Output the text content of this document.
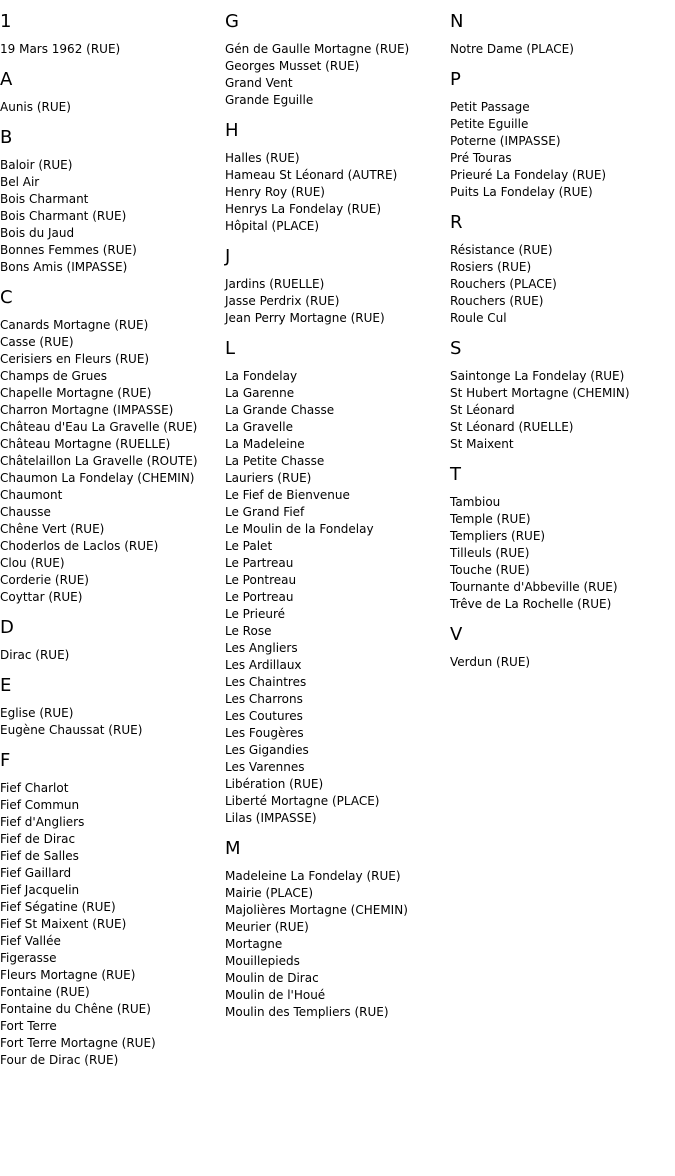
1
19 Mars 1962 (RUE)
A
Aunis (RUE)
B
Baloir (RUE)
Bel Air
Bois Charmant
Bois Charmant (RUE)
Bois du Jaud
Bonnes Femmes (RUE)
Bons Amis (IMPASSE)
C
Canards Mortagne (RUE)
Casse (RUE)
Cerisiers en Fleurs (RUE)
Champs de Grues
Chapelle Mortagne (RUE)
Charron Mortagne (IMPASSE)
Château d'Eau La Gravelle (RUE)
Château Mortagne (RUELLE)
Châtelaillon La Gravelle (ROUTE)
Chaumon La Fondelay (CHEMIN)
Chaumont
Chausse
Chêne Vert (RUE)
Choderlos de Laclos (RUE)
Clou (RUE)
Corderie (RUE)
Coyttar (RUE)
D
Dirac (RUE)
E
Eglise (RUE)
Eugène Chaussat (RUE)
F
Fief Charlot
Fief Commun
Fief d'Angliers
Fief de Dirac
Fief de Salles
Fief Gaillard
Fief Jacquelin
Fief Ségatine (RUE)
Fief St Maixent (RUE)
Fief Vallée
Figerasse
Fleurs Mortagne (RUE)
Fontaine (RUE)
Fontaine du Chêne (RUE)
Fort Terre
Fort Terre Mortagne (RUE)
Four de Dirac (RUE)
G
Gén de Gaulle Mortagne (RUE)
Georges Musset (RUE)
Grand Vent
Grande Eguille
H
Halles (RUE)
Hameau St Léonard (AUTRE)
Henry Roy (RUE)
Henrys La Fondelay (RUE)
Hôpital (PLACE)
J
Jardins (RUELLE)
Jasse Perdrix (RUE)
Jean Perry Mortagne (RUE)
L
La Fondelay
La Garenne
La Grande Chasse
La Gravelle
La Madeleine
La Petite Chasse
Lauriers (RUE)
Le Fief de Bienvenue
Le Grand Fief
Le Moulin de la Fondelay
Le Palet
Le Partreau
Le Pontreau
Le Portreau
Le Prieuré
Le Rose
Les Angliers
Les Ardillaux
Les Chaintres
Les Charrons
Les Coutures
Les Fougères
Les Gigandies
Les Varennes
Libération (RUE)
Liberté Mortagne (PLACE)
Lilas (IMPASSE)
M
Madeleine La Fondelay (RUE)
Mairie (PLACE)
Majolières Mortagne (CHEMIN)
Meurier (RUE)
Mortagne
Mouillepieds
Moulin de Dirac
Moulin de l'Houé
Moulin des Templiers (RUE)
N
Notre Dame (PLACE)
P
Petit Passage
Petite Eguille
Poterne (IMPASSE)
Pré Touras
Prieuré La Fondelay (RUE)
Puits La Fondelay (RUE)
R
Résistance (RUE)
Rosiers (RUE)
Rouchers (PLACE)
Rouchers (RUE)
Roule Cul
S
Saintonge La Fondelay (RUE)
St Hubert Mortagne (CHEMIN)
St Léonard
St Léonard (RUELLE)
St Maixent
T
Tambiou
Temple (RUE)
Templiers (RUE)
Tilleuls (RUE)
Touche (RUE)
Tournante d'Abbeville (RUE)
Trêve de La Rochelle (RUE)
V
Verdun (RUE)
